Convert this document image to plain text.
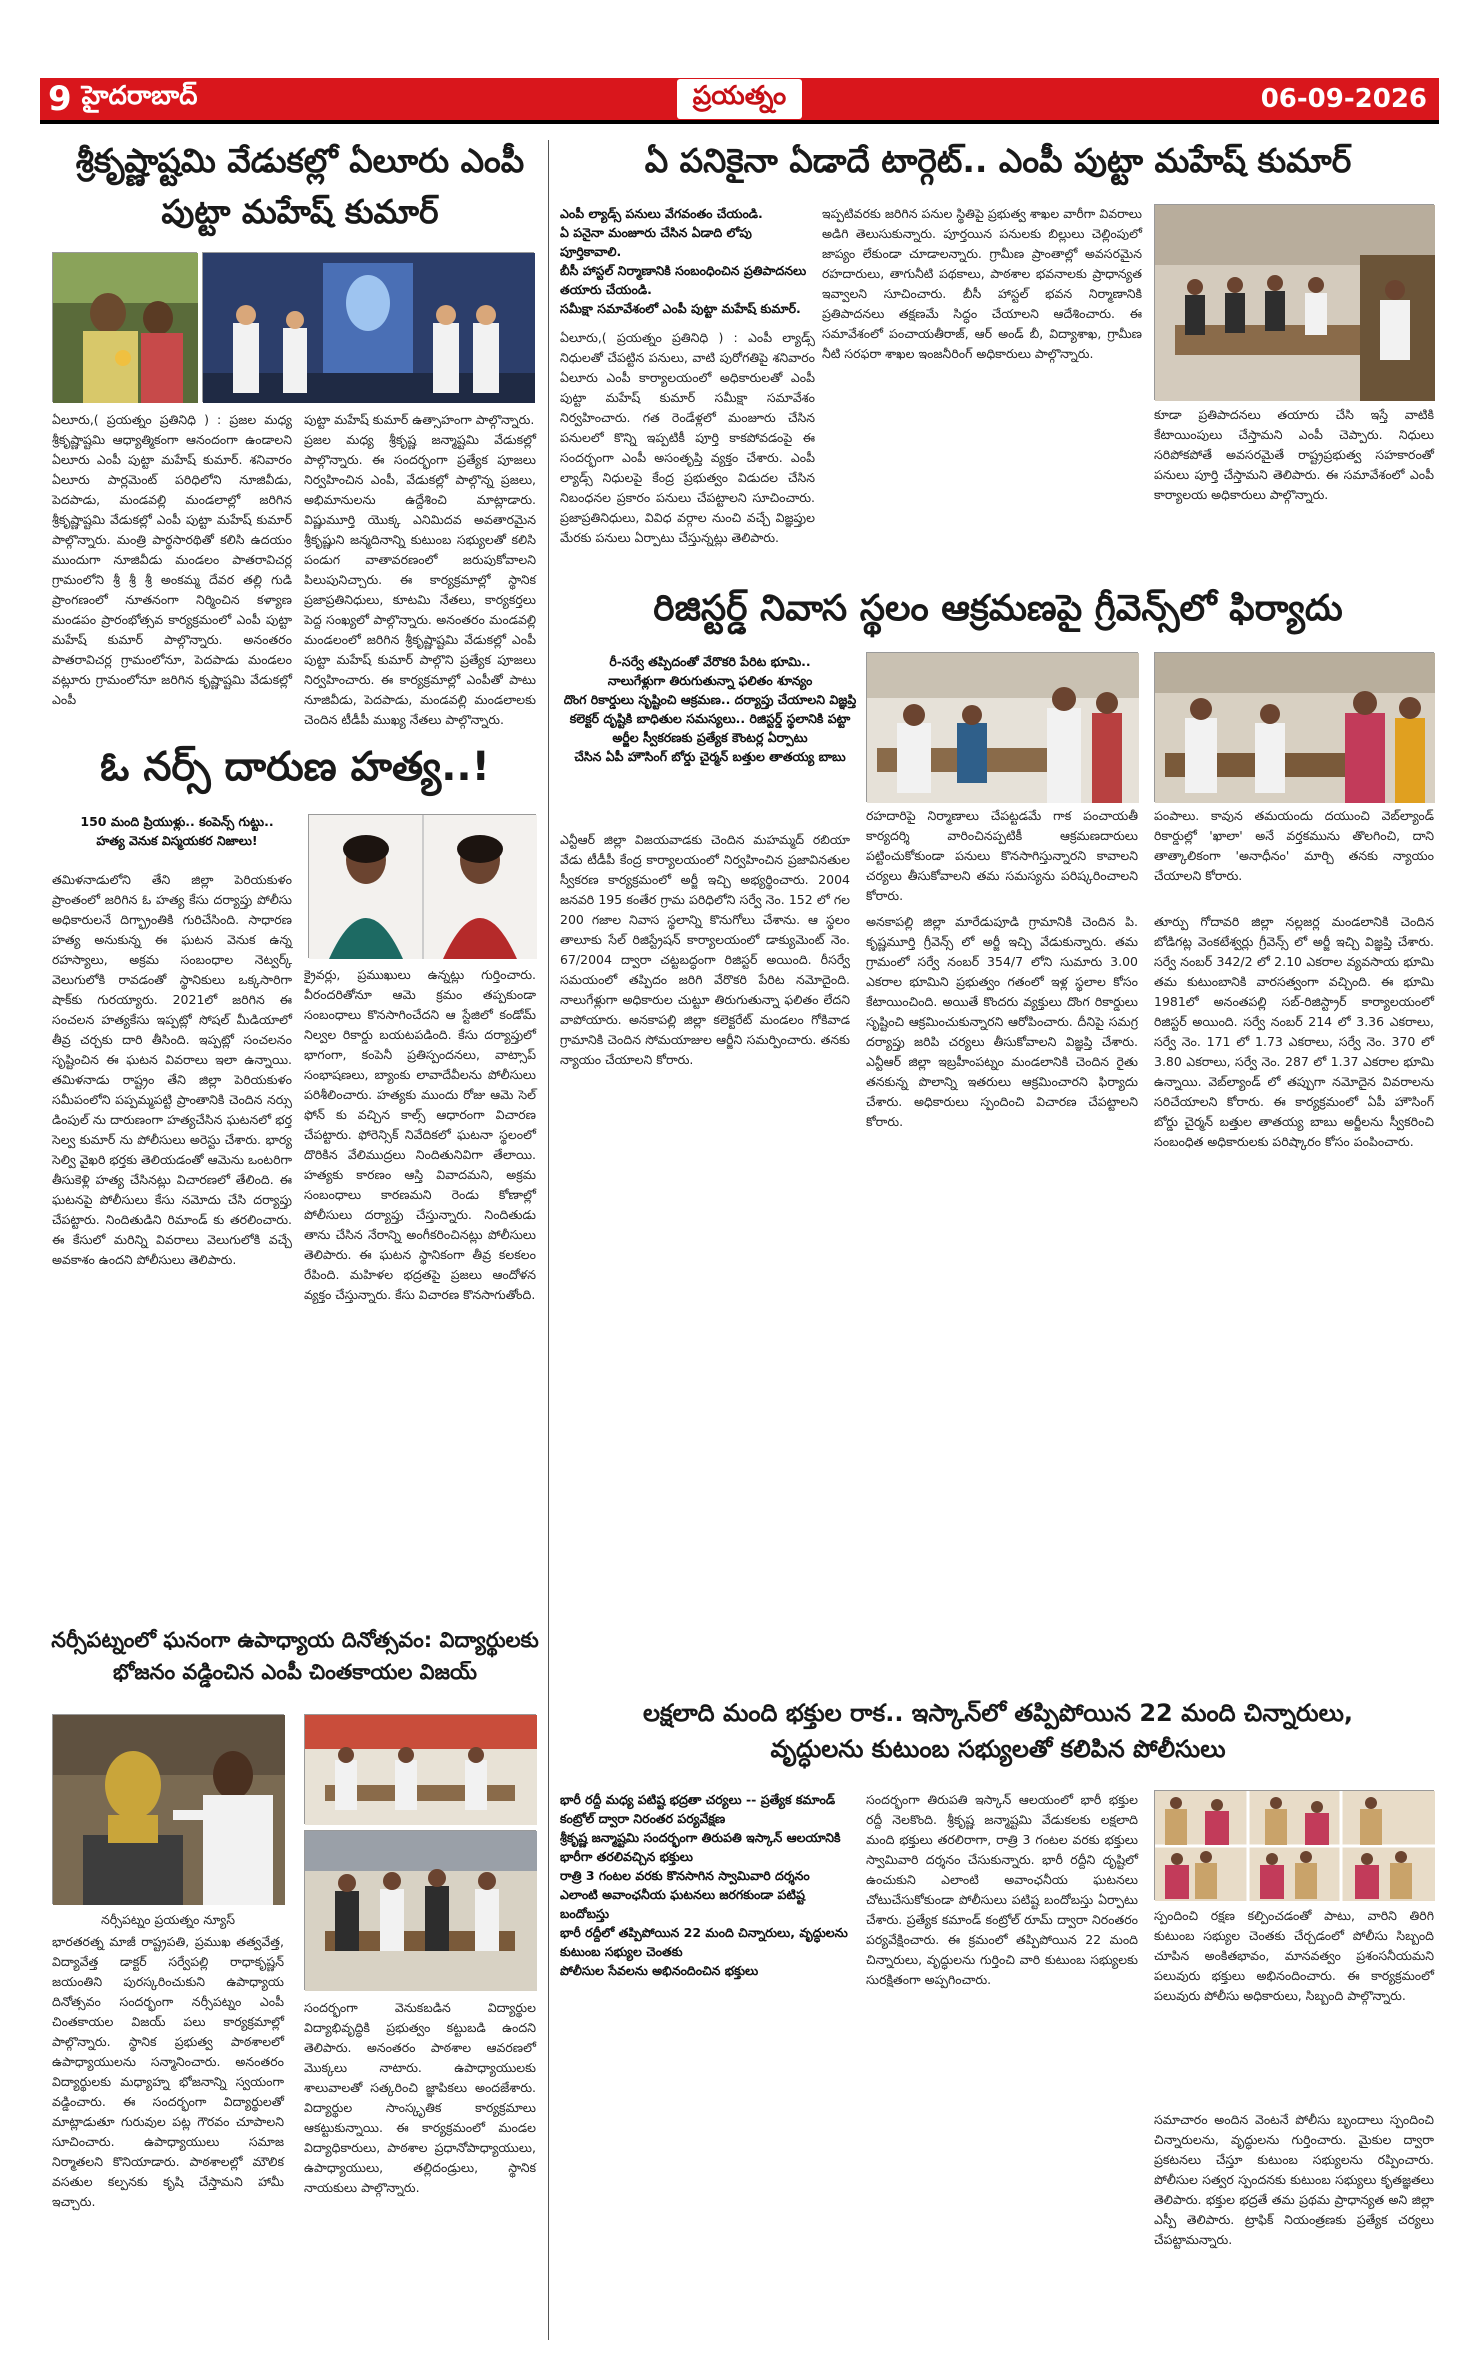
9 హైదరాబాద్	ప్రయత్నం	06-09-2026
శ్రీకృష్ణాష్టమి వేడుకల్లో ఏలూరు ఎంపీ
పుట్టా మహేష్ కుమార్
ఏలూరు,( ప్రయత్నం ప్రతినిధి ) : ప్రజల మధ్య శ్రీకృష్ణాష్టమి ఆధ్యాత్మికంగా ఆనందంగా ఉండాలని ఏలూరు ఎంపీ పుట్టా మహేష్ కుమార్. శనివారం ఏలూరు పార్లమెంట్ పరిధిలోని నూజివీడు, పెదపాడు, మండవల్లి మండలాల్లో జరిగిన శ్రీకృష్ణాష్టమి వేడుకల్లో ఎంపీ పుట్టా మహేష్ కుమార్ పాల్గొన్నారు. మంత్రి పార్థసారథితో కలిసి ఉదయం ముందుగా నూజివీడు మండలం పాతరావిచర్ల గ్రామంలోని శ్రీ శ్రీ శ్రీ అంకమ్మ దేవర తల్లి గుడి ప్రాంగణంలో నూతనంగా నిర్మించిన కళ్యాణ మండపం ప్రారంభోత్సవ కార్యక్రమంలో ఎంపీ పుట్టా మహేష్ కుమార్ పాల్గొన్నారు. అనంతరం పాతరావిచర్ల గ్రామంలోనూ, పెదపాడు మండలం వట్లూరు గ్రామంలోనూ జరిగిన కృష్ణాష్టమి వేడుకల్లో ఎంపీ
పుట్టా మహేష్ కుమార్ ఉత్సాహంగా పాల్గొన్నారు.
ప్రజల మధ్య శ్రీకృష్ణ జన్మాష్టమి వేడుకల్లో పాల్గొన్నారు. ఈ సందర్భంగా ప్రత్యేక పూజలు నిర్వహించిన ఎంపీ, వేడుకల్లో పాల్గొన్న ప్రజలు, అభిమానులను ఉద్దేశించి మాట్లాడారు. విష్ణుమూర్తి యొక్క ఎనిమిదవ అవతారమైన శ్రీకృష్ణుని జన్మదినాన్ని కుటుంబ సభ్యులతో కలిసి పండుగ వాతావరణంలో జరుపుకోవాలని పిలుపునిచ్చారు. ఈ కార్యక్రమాల్లో స్థానిక ప్రజాప్రతినిధులు, కూటమి నేతలు, కార్యకర్తలు పెద్ద సంఖ్యలో పాల్గొన్నారు. అనంతరం మండవల్లి మండలంలో జరిగిన శ్రీకృష్ణాష్టమి వేడుకల్లో ఎంపీ పుట్టా మహేష్ కుమార్ పాల్గొని ప్రత్యేక పూజలు నిర్వహించారు. ఈ కార్యక్రమాల్లో ఎంపీతో పాటు నూజివీడు, పెదపాడు, మండవల్లి మండలాలకు చెందిన టీడీపీ ముఖ్య నేతలు పాల్గొన్నారు.
ఓ నర్స్ దారుణ హత్య..!
150 మంది ప్రియుళ్లు.. కంపెన్స్ గుట్టు..
హత్య వెనుక విస్మయకర నిజాలు!
తమిళనాడులోని తేని జిల్లా పెరియకుళం ప్రాంతంలో జరిగిన ఓ హత్య కేసు దర్యాప్తు పోలీసు అధికారులనే దిగ్భ్రాంతికి గురిచేసింది. సాధారణ హత్య అనుకున్న ఈ ఘటన వెనుక ఉన్న రహస్యాలు, అక్రమ సంబంధాల నెట్వర్క్ వెలుగులోకి రావడంతో స్థానికులు ఒక్కసారిగా షాక్‌కు గురయ్యారు. 2021లో జరిగిన ఈ సంచలన హత్యకేసు ఇప్పట్లో సోషల్ మీడియాలో తీవ్ర చర్చకు దారి తీసింది. ఇప్పట్లో సంచలనం సృష్టించిన ఈ ఘటన వివరాలు ఇలా ఉన్నాయి. తమిళనాడు రాష్ట్రం తేని జిల్లా పెరియకుళం సమీపంలోని పప్పమ్మపట్టి ప్రాంతానికి చెందిన నర్సు డింపుల్ ను దారుణంగా హత్యచేసిన ఘటనలో భర్త సెల్వ కుమార్ ను పోలీసులు అరెస్టు చేశారు. భార్య సెల్వి వైఖరి భర్తకు తెలియడంతో ఆమెను ఒంటరిగా తీసుకెళ్లి హత్య చేసినట్లు విచారణలో తేలింది. ఈ ఘటనపై పోలీసులు కేసు నమోదు చేసి దర్యాప్తు చేపట్టారు. నిందితుడిని రిమాండ్ కు తరలించారు. ఈ కేసులో మరిన్ని వివరాలు వెలుగులోకి వచ్చే అవకాశం ఉందని పోలీసులు తెలిపారు.
క్రైవర్లు, ప్రముఖులు ఉన్నట్లు గుర్తించారు. వీరందరితోనూ ఆమె క్రమం తప్పకుండా సంబంధాలు కొనసాగించేదని ఆ స్టేజిలో కండోమ్ నిల్వల రికార్డు బయటపడింది. కేసు దర్యాప్తులో భాగంగా, కంపెనీ ప్రతిస్పందనలు, వాట్సాప్ సంభాషణలు, బ్యాంకు లావాదేవీలను పోలీసులు పరిశీలించారు. హత్యకు ముందు రోజు ఆమె సెల్ ఫోన్ కు వచ్చిన కాల్స్ ఆధారంగా విచారణ చేపట్టారు. ఫోరెన్సిక్ నివేదికలో ఘటనా స్థలంలో దొరికిన వేలిముద్రలు నిందితునివిగా తేలాయి. హత్యకు కారణం ఆస్తి వివాదమని, అక్రమ సంబంధాలు కారణమని రెండు కోణాల్లో పోలీసులు దర్యాప్తు చేస్తున్నారు. నిందితుడు తాను చేసిన నేరాన్ని అంగీకరించినట్లు పోలీసులు తెలిపారు. ఈ ఘటన స్థానికంగా తీవ్ర కలకలం రేపింది. మహిళల భద్రతపై ప్రజలు ఆందోళన వ్యక్తం చేస్తున్నారు. కేసు విచారణ కొనసాగుతోంది.
నర్సీపట్నంలో ఘనంగా ఉపాధ్యాయ దినోత్సవం: విద్యార్థులకు
భోజనం వడ్డించిన ఎంపీ చింతకాయల విజయ్
నర్సీపట్నం ప్రయత్నం న్యూస్
భారతరత్న మాజీ రాష్ట్రపతి, ప్రముఖ తత్వవేత్త, విద్యావేత్త డాక్టర్ సర్వేపల్లి రాధాకృష్ణన్ జయంతిని పురస్కరించుకుని ఉపాధ్యాయ దినోత్సవం సందర్భంగా నర్సీపట్నం ఎంపీ చింతకాయల విజయ్ పలు కార్యక్రమాల్లో పాల్గొన్నారు. స్థానిక ప్రభుత్వ పాఠశాలలో ఉపాధ్యాయులను సన్మానించారు. అనంతరం విద్యార్థులకు మధ్యాహ్న భోజనాన్ని స్వయంగా వడ్డించారు. ఈ సందర్భంగా విద్యార్థులతో మాట్లాడుతూ గురువుల పట్ల గౌరవం చూపాలని సూచించారు. ఉపాధ్యాయులు సమాజ నిర్మాతలని కొనియాడారు. పాఠశాలల్లో మౌలిక వసతుల కల్పనకు కృషి చేస్తామని హామీ ఇచ్చారు.
సందర్భంగా వెనుకబడిన విద్యార్థుల విద్యాభివృద్ధికి ప్రభుత్వం కట్టుబడి ఉందని తెలిపారు. అనంతరం పాఠశాల ఆవరణలో మొక్కలు నాటారు. ఉపాధ్యాయులకు శాలువాలతో సత్కరించి జ్ఞాపికలు అందజేశారు. విద్యార్థుల సాంస్కృతిక కార్యక్రమాలు ఆకట్టుకున్నాయి. ఈ కార్యక్రమంలో మండల విద్యాధికారులు, పాఠశాల ప్రధానోపాధ్యాయులు, ఉపాధ్యాయులు, తల్లిదండ్రులు, స్థానిక నాయకులు పాల్గొన్నారు.
ఏ పనికైనా ఏడాదే టార్గెట్.. ఎంపీ పుట్టా మహేష్ కుమార్
ఎంపీ ల్యాడ్స్ పనులు వేగవంతం చేయండి.
ఏ పనైనా మంజూరు చేసిన ఏడాది లోపు పూర్తికావాలి.
బీసీ హాస్టల్ నిర్మాణానికి సంబంధించిన ప్రతిపాదనలు తయారు చేయండి.
సమీక్షా సమావేశంలో ఎంపీ పుట్టా మహేష్ కుమార్.
ఏలూరు,( ప్రయత్నం ప్రతినిధి ) : ఎంపీ ల్యాడ్స్ నిధులతో చేపట్టిన పనులు, వాటి పురోగతిపై శనివారం ఏలూరు ఎంపీ కార్యాలయంలో అధికారులతో ఎంపీ పుట్టా మహేష్ కుమార్ సమీక్షా సమావేశం నిర్వహించారు. గత రెండేళ్లలో మంజూరు చేసిన పనులలో కొన్ని ఇప్పటికీ పూర్తి కాకపోవడంపై ఈ సందర్భంగా ఎంపీ అసంతృప్తి వ్యక్తం చేశారు. ఎంపీ ల్యాడ్స్ నిధులపై కేంద్ర ప్రభుత్వం విడుదల చేసిన నిబంధనల ప్రకారం పనులు చేపట్టాలని సూచించారు. ప్రజాప్రతినిధులు, వివిధ వర్గాల నుంచి వచ్చే విజ్ఞప్తుల మేరకు పనులు ఏర్పాటు చేస్తున్నట్లు తెలిపారు.
ఇప్పటివరకు జరిగిన పనుల స్థితిపై ప్రభుత్వ శాఖల వారీగా వివరాలు అడిగి తెలుసుకున్నారు. పూర్తయిన పనులకు బిల్లులు చెల్లింపులో జాప్యం లేకుండా చూడాలన్నారు. గ్రామీణ ప్రాంతాల్లో అవసరమైన రహదారులు, తాగునీటి పథకాలు, పాఠశాల భవనాలకు ప్రాధాన్యత ఇవ్వాలని సూచించారు. బీసీ హాస్టల్ భవన నిర్మాణానికి ప్రతిపాదనలు తక్షణమే సిద్ధం చేయాలని ఆదేశించారు. ఈ సమావేశంలో పంచాయతీరాజ్, ఆర్ అండ్ బీ, విద్యాశాఖ, గ్రామీణ నీటి సరఫరా శాఖల ఇంజనీరింగ్ అధికారులు పాల్గొన్నారు.
కూడా ప్రతిపాదనలు తయారు చేసి ఇస్తే వాటికి కేటాయింపులు చేస్తామని ఎంపీ చెప్పారు. నిధులు సరిపోకపోతే అవసరమైతే రాష్ట్రప్రభుత్వ సహకారంతో పనులు పూర్తి చేస్తామని తెలిపారు. ఈ సమావేశంలో ఎంపీ కార్యాలయ అధికారులు పాల్గొన్నారు.
రిజిస్టర్డ్ నివాస స్థలం ఆక్రమణపై గ్రీవెన్స్‌లో ఫిర్యాదు
రీ-సర్వే తప్పిదంతో వేరొకరి పేరిట భూమి..
నాలుగేళ్లుగా తిరుగుతున్నా ఫలితం శూన్యం
దొంగ రికార్డులు సృష్టించి ఆక్రమణ.. దర్యాప్తు చేయాలని విజ్ఞప్తి
కలెక్టర్ దృష్టికి బాధితుల సమస్యలు.. రిజిస్టర్డ్ స్థలానికి పట్టా
అర్జీల స్వీకరణకు ప్రత్యేక కౌంటర్ల ఏర్పాటు
చేసిన ఏపీ హౌసింగ్ బోర్డు చైర్మన్ బత్తుల తాతయ్య బాబు
రహదారిపై నిర్మాణాలు చేపట్టడమే గాక పంచాయతీ కార్యదర్శి వారించినప్పటికీ ఆక్రమణదారులు పట్టించుకోకుండా పనులు కొనసాగిస్తున్నారని కావాలని చర్యలు తీసుకోవాలని తమ సమస్యను పరిష్కరించాలని కోరారు.
పంపాలు. కావున తమయందు దయుంచి వెబ్‌ల్యాండ్ రికార్డుల్లో 'ఖాలా' అనే వర్తకమును తొలగించి, దాని తాత్కాలికంగా 'అనాధీనం' మార్చి తనకు న్యాయం చేయాలని కోరారు.
ఎన్టీఆర్ జిల్లా విజయవాడకు చెందిన మహమ్మద్ రబియా వేడు టీడీపీ కేంద్ర కార్యాలయంలో నిర్వహించిన ప్రజావినతుల స్వీకరణ కార్యక్రమంలో అర్జీ ఇచ్చి అభ్యర్థించారు. 2004 జనవరి 195 కంతేర గ్రామ పరిధిలోని సర్వే నెం. 152 లో గల 200 గజాల నివాస స్థలాన్ని కొనుగోలు చేశాను. ఆ స్థలం తాలూకు సేల్ రిజిస్ట్రేషన్ కార్యాలయంలో డాక్యుమెంట్ నెం. 67/2004 ద్వారా చట్టబద్ధంగా రిజిస్టర్ అయింది. రీసర్వే సమయంలో తప్పిదం జరిగి వేరొకరి పేరిట నమోదైంది. నాలుగేళ్లుగా అధికారుల చుట్టూ తిరుగుతున్నా ఫలితం లేదని వాపోయారు. అనకాపల్లి జిల్లా కలెక్టరేట్ మండలం గోకివాడ గ్రామానికి చెందిన సోమయాజుల ఆర్జీని సమర్పించారు. తనకు న్యాయం చేయాలని కోరారు.
అనకాపల్లి జిల్లా మారేడుపూడి గ్రామానికి చెందిన పి. కృష్ణమూర్తి గ్రీవెన్స్ లో అర్జీ ఇచ్చి వేడుకున్నారు. తమ గ్రామంలో సర్వే నంబర్ 354/7 లోని సుమారు 3.00 ఎకరాల భూమిని ప్రభుత్వం గతంలో ఇళ్ల స్థలాల కోసం కేటాయించింది. అయితే కొందరు వ్యక్తులు దొంగ రికార్డులు సృష్టించి ఆక్రమించుకున్నారని ఆరోపించారు. దీనిపై సమగ్ర దర్యాప్తు జరిపి చర్యలు తీసుకోవాలని విజ్ఞప్తి చేశారు. ఎన్టీఆర్ జిల్లా ఇబ్రహీంపట్నం మండలానికి చెందిన రైతు తనకున్న పొలాన్ని ఇతరులు ఆక్రమించారని ఫిర్యాదు చేశారు. అధికారులు స్పందించి విచారణ చేపట్టాలని కోరారు.
తూర్పు గోదావరి జిల్లా నల్లజర్ల మండలానికి చెందిన బోడిగట్ల వెంకటేశ్వర్లు గ్రీవెన్స్ లో అర్జీ ఇచ్చి విజ్ఞప్తి చేశారు. సర్వే నంబర్ 342/2 లో 2.10 ఎకరాల వ్యవసాయ భూమి తమ కుటుంబానికి వారసత్వంగా వచ్చింది. ఈ భూమి 1981లో అనంతపల్లి సబ్-రిజిస్ట్రార్ కార్యాలయంలో రిజిస్టర్ అయింది. సర్వే నంబర్ 214 లో 3.36 ఎకరాలు, సర్వే నెం. 171 లో 1.73 ఎకరాలు, సర్వే నెం. 370 లో 3.80 ఎకరాలు, సర్వే నెం. 287 లో 1.37 ఎకరాల భూమి ఉన్నాయి. వెబ్‌ల్యాండ్ లో తప్పుగా నమోదైన వివరాలను సరిచేయాలని కోరారు. ఈ కార్యక్రమంలో ఏపీ హౌసింగ్ బోర్డు చైర్మన్ బత్తుల తాతయ్య బాబు అర్జీలను స్వీకరించి సంబంధిత అధికారులకు పరిష్కారం కోసం పంపించారు.
లక్షలాది మంది భక్తుల రాక.. ఇస్కాన్‌లో తప్పిపోయిన 22 మంది చిన్నారులు,
వృద్ధులను కుటుంబ సభ్యులతో కలిపిన పోలీసులు
భారీ రద్దీ మధ్య పటిష్ట భద్రతా చర్యలు -- ప్రత్యేక కమాండ్ కంట్రోల్ ద్వారా నిరంతర పర్యవేక్షణ
శ్రీకృష్ణ జన్మాష్టమి సందర్భంగా తిరుపతి ఇస్కాన్ ఆలయానికి భారీగా తరలివచ్చిన భక్తులు
రాత్రి 3 గంటల వరకు కొనసాగిన స్వామివారి దర్శనం
ఎలాంటి అవాంఛనీయ ఘటనలు జరగకుండా పటిష్ట బందోబస్తు
భారీ రద్దీలో తప్పిపోయిన 22 మంది చిన్నారులు, వృద్ధులను కుటుంబ సభ్యుల చెంతకు
పోలీసుల సేవలను అభినందించిన భక్తులు
సందర్భంగా తిరుపతి ఇస్కాన్ ఆలయంలో భారీ భక్తుల రద్దీ నెలకొంది. శ్రీకృష్ణ జన్మాష్టమి వేడుకలకు లక్షలాది మంది భక్తులు తరలిరాగా, రాత్రి 3 గంటల వరకు భక్తులు స్వామివారి దర్శనం చేసుకున్నారు. భారీ రద్దీని దృష్టిలో ఉంచుకుని ఎలాంటి అవాంఛనీయ ఘటనలు చోటుచేసుకోకుండా పోలీసులు పటిష్ట బందోబస్తు ఏర్పాటు చేశారు. ప్రత్యేక కమాండ్ కంట్రోల్ రూమ్ ద్వారా నిరంతరం పర్యవేక్షించారు. ఈ క్రమంలో తప్పిపోయిన 22 మంది చిన్నారులు, వృద్ధులను గుర్తించి వారి కుటుంబ సభ్యులకు సురక్షితంగా అప్పగించారు.
స్పందించి రక్షణ కల్పించడంతో పాటు, వారిని తిరిగి కుటుంబ సభ్యుల చెంతకు చేర్చడంలో పోలీసు సిబ్బంది చూపిన అంకితభావం, మానవత్వం ప్రశంసనీయమని పలువురు భక్తులు అభినందించారు. ఈ కార్యక్రమంలో పలువురు పోలీసు అధికారులు, సిబ్బంది పాల్గొన్నారు.
సమాచారం అందిన వెంటనే పోలీసు బృందాలు స్పందించి చిన్నారులను, వృద్ధులను గుర్తించారు. మైకుల ద్వారా ప్రకటనలు చేస్తూ కుటుంబ సభ్యులను రప్పించారు. పోలీసుల సత్వర స్పందనకు కుటుంబ సభ్యులు కృతజ్ఞతలు తెలిపారు. భక్తుల భద్రతే తమ ప్రథమ ప్రాధాన్యత అని జిల్లా ఎస్పీ తెలిపారు. ట్రాఫిక్ నియంత్రణకు ప్రత్యేక చర్యలు చేపట్టామన్నారు.
